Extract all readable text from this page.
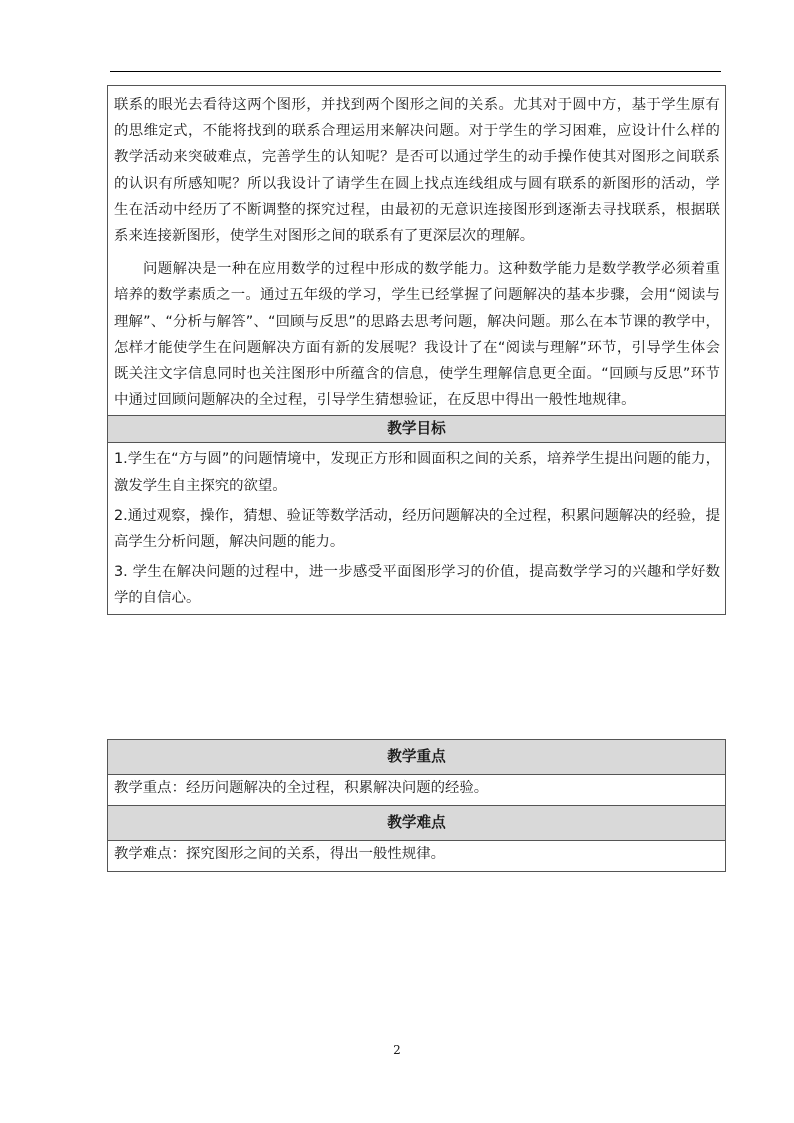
联系的眼光去看待这两个图形，并找到两个图形之间的关系。尤其对于圆中方，基于学生原有的思维定式，不能将找到的联系合理运用来解决问题。对于学生的学习困难，应设计什么样的教学活动来突破难点，完善学生的认知呢？是否可以通过学生的动手操作使其对图形之间联系的认识有所感知呢？所以我设计了请学生在圆上找点连线组成与圆有联系的新图形的活动，学生在活动中经历了不断调整的探究过程，由最初的无意识连接图形到逐渐去寻找联系，根据联系来连接新图形，使学生对图形之间的联系有了更深层次的理解。

问题解决是一种在应用数学的过程中形成的数学能力。这种数学能力是数学教学必须着重培养的数学素质之一。通过五年级的学习，学生已经掌握了问题解决的基本步骤，会用“阅读与理解”、“分析与解答”、“回顾与反思”的思路去思考问题，解决问题。那么在本节课的教学中，怎样才能使学生在问题解决方面有新的发展呢？我设计了在“阅读与理解”环节，引导学生体会既关注文字信息同时也关注图形中所蕴含的信息，使学生理解信息更全面。“回顾与反思”环节中通过回顾问题解决的全过程，引导学生猜想验证，在反思中得出一般性地规律。

教学目标

1.学生在“方与圆”的问题情境中，发现正方形和圆面积之间的关系，培养学生提出问题的能力，激发学生自主探究的欲望。

2.通过观察，操作，猜想、验证等数学活动，经历问题解决的全过程，积累问题解决的经验，提高学生分析问题，解决问题的能力。

3. 学生在解决问题的过程中，进一步感受平面图形学习的价值，提高数学学习的兴趣和学好数学的自信心。

教学重点
教学重点：经历问题解决的全过程，积累解决问题的经验。
教学难点
教学难点：探究图形之间的关系，得出一般性规律。
2
